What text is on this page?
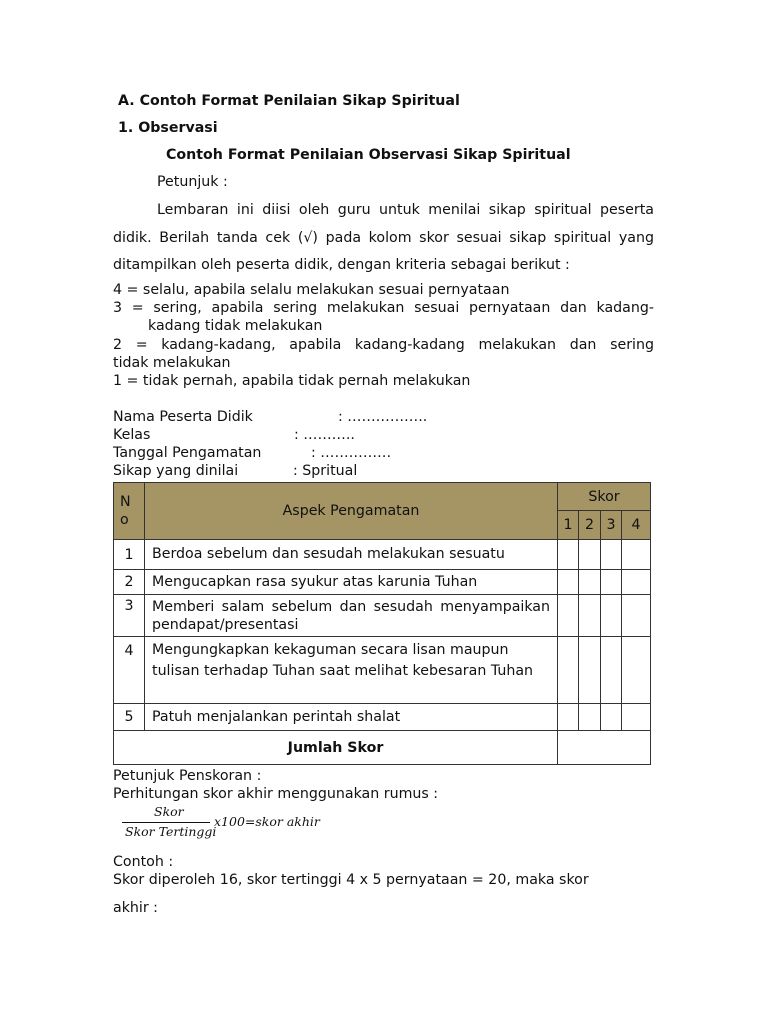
A. Contoh Format Penilaian Sikap Spiritual
1. Observasi
Contoh Format Penilaian Observasi Sikap Spiritual
Petunjuk :
Lembaran ini diisi oleh guru untuk menilai sikap spiritual peserta
didik. Berilah tanda cek (√) pada kolom skor sesuai sikap spiritual yang
ditampilkan oleh peserta didik, dengan kriteria sebagai berikut :
4 = selalu, apabila selalu melakukan sesuai pernyataan
3 = sering, apabila sering melakukan sesuai pernyataan dan kadang-
kadang tidak melakukan
2 = kadang-kadang, apabila kadang-kadang melakukan dan sering
tidak melakukan
1 = tidak pernah, apabila tidak pernah melakukan
Nama Peserta Didik	: ……………..
Kelas	: ………..
Tanggal Pengamatan	: ……………
Sikap yang dinilai	: Spritual
N
o	Aspek Pengamatan	Skor			
		1	2	3	4
1	Berdoa sebelum dan sesudah melakukan sesuatu				
2	Mengucapkan rasa syukur atas karunia Tuhan				
3	Memberi salam sebelum dan sesudah menyampaikan pendapat/presentasi				
4	Mengungkapkan kekaguman secara lisan maupun tulisan terhadap Tuhan saat melihat kebesaran Tuhan				
5	Patuh menjalankan perintah shalat				
Jumlah Skor					
Petunjuk Penskoran :
Perhitungan skor akhir menggunakan rumus :
Skor
Skor Tertinggi
x100=skor akhir
Contoh :
Skor diperoleh 16, skor tertinggi 4 x 5 pernyataan = 20, maka skor
akhir :
